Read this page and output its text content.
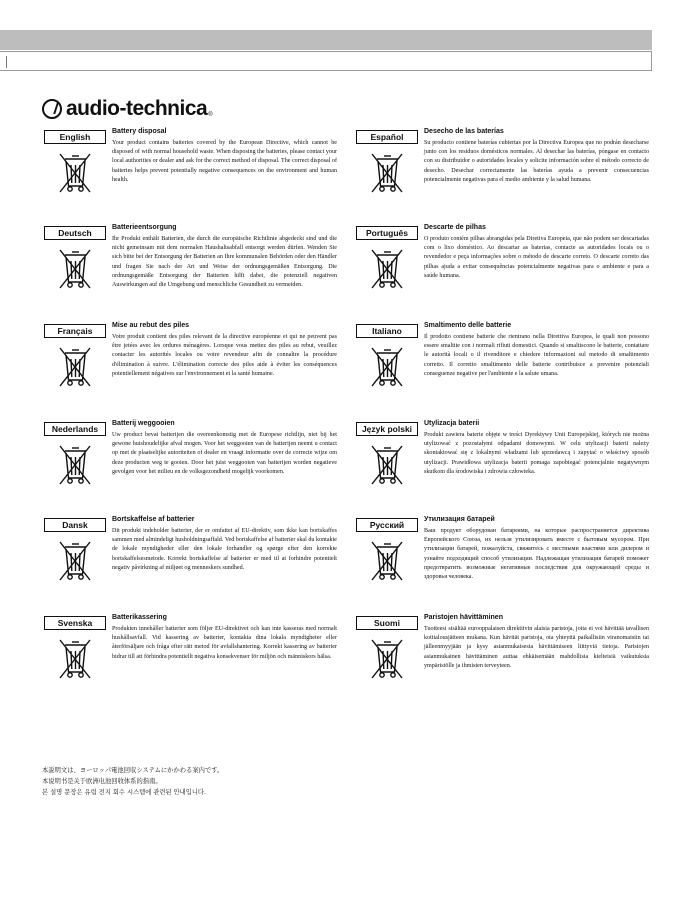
audio-technica ®
English
Battery disposal
Your product contains batteries covered by the European Directive, which cannot be disposed of with normal household waste. When disposing the batteries, please contact your local authorities or dealer and ask for the correct method of disposal. The correct disposal of batteries helps prevent potentially negative consequences on the environment and human health.
Español
Desecho de las baterías
Su producto contiene baterías cubiertas por la Directiva Europea que no podrán desecharse junto con los residuos domésticos normales. Al desechar las baterías, póngase en contacto con su distribuidor o autoridades locales y solicite información sobre el método correcto de desecho. Desechar correctamente las baterías ayuda a prevenir consecuencias potencialmente negativas para el medio ambiente y la salud humana.
Deutsch
Batterieentsorgung
Ihr Produkt enthält Batterien, die durch die europäische Richtlinie abgedeckt sind und die nicht gemeinsam mit dem normalen Haushaltsabfall entsorgt werden dürfen. Wenden Sie sich bitte bei der Entsorgung der Batterien an Ihre kommunalen Behörden oder den Händler und fragen Sie nach der Art und Weise der ordnungsgemäßen Entsorgung. Die ordnungsgemäße Entsorgung der Batterien hilft dabei, die potenziell negativen Auswirkungen auf die Umgebung und menschliche Gesundheit zu vermeiden.
Português
Descarte de pilhas
O produto contém pilhas abrangidas pela Diretiva Europeia, que não podem ser descartadas com o lixo doméstico. Ao descartar as baterias, contacte as autoridades locais ou o revendedor e peça informações sobre o método de descarte correto. O descarte correto das pilhas ajuda a evitar consequências potencialmente negativas para o ambiente e para a saúde humana.
Français
Mise au rebut des piles
Votre produit contient des piles relevant de la directive européenne et qui ne peuvent pas être jetées avec les ordures ménagères. Lorsque vous mettez des piles au rebut, veuillez contacter les autorités locales ou votre revendeur afin de connaître la procédure d'élimination à suivre. L'élimination correcte des piles aide à éviter les conséquences potentiellement négatives sur l'environnement et la santé humaine.
Italiano
Smaltimento delle batterie
Il prodotto contiene batterie che rientrano nella Direttiva Europea, le quali non possono essere smaltite con i normali rifiuti domestici. Quando si smaltiscono le batterie, contattare le autorità locali o il rivenditore e chiedere informazioni sul metodo di smaltimento corretto. Il corretto smaltimento delle batterie contribuisce a prevenire potenziali conseguenze negative per l'ambiente e la salute umana.
Nederlands
Batterij weggooien
Uw product bevat batterijen die overeenkomstig met de Europese richtlijn, niet bij het gewone huishoudelijke afval mogen. Voor het weggooien van de batterijen neemt u contact op met de plaatselijke autoriteiten of dealer en vraagt informatie over de correcte wijze om deze producten weg te gooien. Door het juist weggooien van batterijen worden negatieve gevolgen voor het milieu en de volksgezondheid mogelijk voorkomen.
Język polski
Utylizacja baterii
Produkt zawiera baterie objęte w treści Dyrektywy Unii Europejskiej, których nie można utylizować z pozostałymi odpadami domowymi. W celu utylizacji baterii należy skontaktować się z lokalnymi władzami lub sprzedawcą i zapytać o właściwy sposób utylizacji. Prawidłowa utylizacja baterii pomaga zapobiegać potencjalnie negatywnym skutkom dla środowiska i zdrowia człowieka.
Dansk
Bortskaffelse af batterier
Dit produkt indeholder batterier, der er omfattet af EU-direktiv, som ikke kan bortskaffes sammen med almindeligt husholdningsaffald. Ved bortskaffelse af batterier skal du kontakte de lokale myndigheder eller den lokale forhandler og spørge efter den korrekte bortskaffelsesmetode. Korrekt bortskaffelse af batterier er med til at forhindre potentielt negativ påvirkning af miljøet og menneskers sundhed.
Русский
Утилизация батарей
Ваш продукт оборудован батареями, на которые распространяется директива Европейского Союза, их нельзя утилизировать вместе с бытовым мусором. При утилизации батарей, пожалуйста, свяжитесь с местными властями или дилером и узнайте подходящий способ утилизации. Надлежащая утилизация батарей поможет предотвратить возможные негативные последствия для окружающей среды и здоровья человека.
Svenska
Batterikassering
Produkten innehåller batterier som följer EU-direktivet och kan inte kasseras med normalt hushållsavfall. Vid kassering av batterier, kontakta dina lokala myndigheter eller återförsäljare och fråga efter rätt metod för avfallshantering. Korrekt kassering av batterier bidrar till att förhindra potentiellt negativa konsekvenser för miljön och människors hälsa.
Suomi
Paristojen hävittäminen
Tuotteesi sisältää eurooppalaisen direktiivin alaisia paristoja, joita ei voi hävittää tavallisen kotitalousjätteen mukana. Kun hävität paristoja, ota yhteyttä paikallisiin viranomaisiin tai jälleenmyyjään ja kysy asianmukaisesta hävittämiseen liittyviä tietoja. Paristojen asianmukainen hävittäminen auttaa ehkäisemään mahdollisia kielteisiä vaikutuksia ympäristölle ja ihmisten terveyteen.
本説明文は、ヨーロッパ電池回収システムにかかわる案内です。
本说明书是关于欧洲电池回收体系的指南。
본 설명 문장은 유럽 전지 회수 시스템에 관련된 안내입니다.
